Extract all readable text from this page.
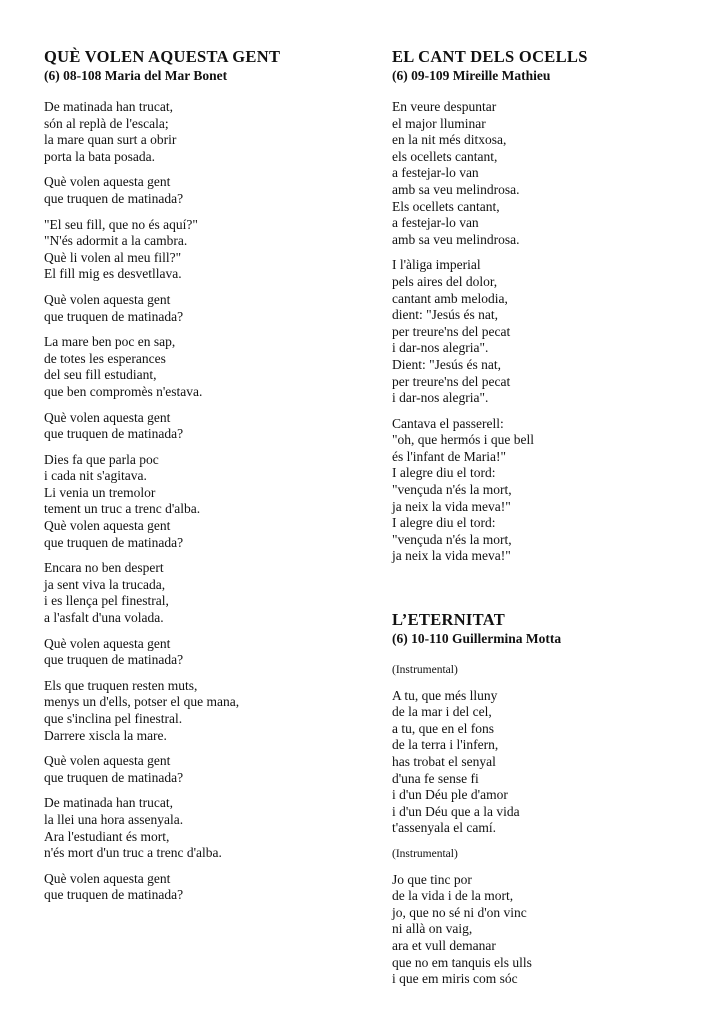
QUÈ VOLEN AQUESTA GENT
(6) 08-108 Maria del Mar Bonet

De matinada han trucat,
són al replà de l'escala;
la mare quan surt a obrir
porta la bata posada.

Què volen aquesta gent
que truquen de matinada?

"El seu fill, que no és aquí?"
"N'és adormit a la cambra.
Què li volen al meu fill?"
El fill mig es desvetllava.

Què volen aquesta gent
que truquen de matinada?

La mare ben poc en sap,
de totes les esperances
del seu fill estudiant,
que ben compromès n'estava.

Què volen aquesta gent
que truquen de matinada?

Dies fa que parla poc
i cada nit s'agitava.
Li venia un tremolor
tement un truc a trenc d'alba.
Què volen aquesta gent
que truquen de matinada?

Encara no ben despert
ja sent viva la trucada,
i es llença pel finestral,
a l'asfalt d'una volada.

Què volen aquesta gent
que truquen de matinada?

Els que truquen resten muts,
menys un d'ells, potser el que mana,
que s'inclina pel finestral.
Darrere xiscla la mare.

Què volen aquesta gent
que truquen de matinada?

De matinada han trucat,
la llei una hora assenyala.
Ara l'estudiant és mort,
n'és mort d'un truc a trenc d'alba.

Què volen aquesta gent
que truquen de matinada?

EL CANT DELS OCELLS
(6) 09-109 Mireille Mathieu

En veure despuntar
el major lluminar
en la nit més ditxosa,
els ocellets cantant,
a festejar-lo van
amb sa veu melindrosa.
Els ocellets cantant,
a festejar-lo van
amb sa veu melindrosa.

I l'àliga imperial
pels aires del dolor,
cantant amb melodia,
dient: "Jesús és nat,
per treure'ns del pecat
i dar-nos alegria".
Dient: "Jesús és nat,
per treure'ns del pecat
i dar-nos alegria".

Cantava el passerell:
"oh, que hermós i que bell
és l'infant de Maria!"
I alegre diu el tord:
"vençuda n'és la mort,
ja neix la vida meva!"
I alegre diu el tord:
"vençuda n'és la mort,
ja neix la vida meva!"

L’ETERNITAT
(6) 10-110 Guillermina Motta

(Instrumental)

A tu, que més lluny
de la mar i del cel,
a tu, que en el fons
de la terra i l'infern,
has trobat el senyal
d'una fe sense fi
i d'un Déu ple d'amor
i d'un Déu que a la vida
t'assenyala el camí.

(Instrumental)

Jo que tinc por
de la vida i de la mort,
jo, que no sé ni d'on vinc
ni allà on vaig,
ara et vull demanar
que no em tanquis els ulls
i que em miris com sóc
